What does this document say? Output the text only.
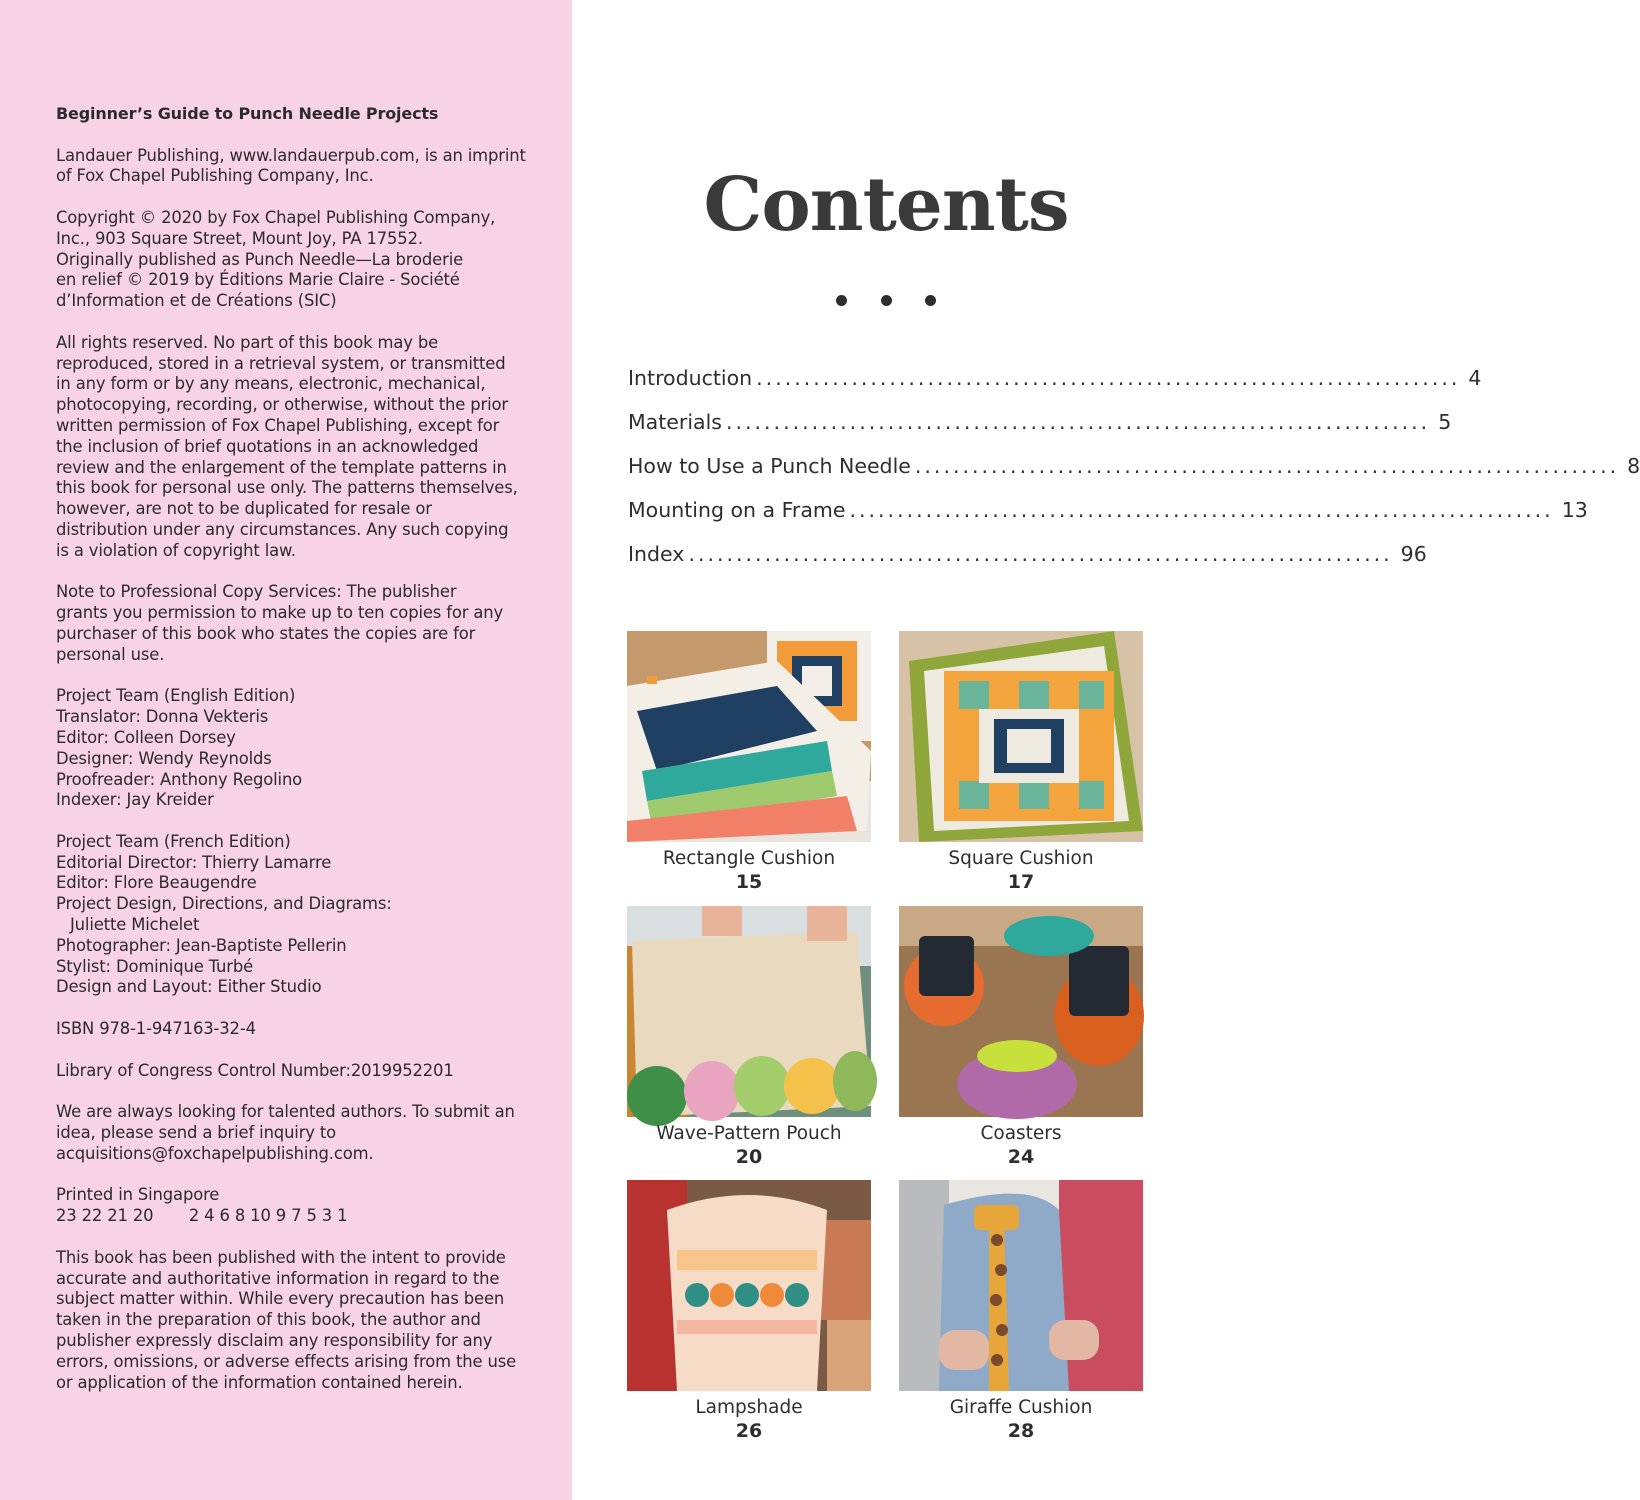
Beginner’s Guide to Punch Needle Projects

Landauer Publishing, www.landauerpub.com, is an imprint
of Fox Chapel Publishing Company, Inc.

Copyright © 2020 by Fox Chapel Publishing Company,
Inc., 903 Square Street, Mount Joy, PA 17552.
Originally published as Punch Needle—La broderie
en relief © 2019 by Éditions Marie Claire - Société
d’Information et de Créations (SIC)

All rights reserved. No part of this book may be
reproduced, stored in a retrieval system, or transmitted
in any form or by any means, electronic, mechanical,
photocopying, recording, or otherwise, without the prior
written permission of Fox Chapel Publishing, except for
the inclusion of brief quotations in an acknowledged
review and the enlargement of the template patterns in
this book for personal use only. The patterns themselves,
however, are not to be duplicated for resale or
distribution under any circumstances. Any such copying
is a violation of copyright law.

Note to Professional Copy Services: The publisher
grants you permission to make up to ten copies for any
purchaser of this book who states the copies are for
personal use.

Project Team (English Edition)
Translator: Donna Vekteris
Editor: Colleen Dorsey
Designer: Wendy Reynolds
Proofreader: Anthony Regolino
Indexer: Jay Kreider

Project Team (French Edition)
Editorial Director: Thierry Lamarre
Editor: Flore Beaugendre
Project Design, Directions, and Diagrams:
Juliette Michelet
Photographer: Jean-Baptiste Pellerin
Stylist: Dominique Turbé
Design and Layout: Either Studio

ISBN 978-1-947163-32-4

Library of Congress Control Number:2019952201

We are always looking for talented authors. To submit an
idea, please send a brief inquiry to
acquisitions@foxchapelpublishing.com.

Printed in Singapore
23 22 21 20       2 4 6 8 10 9 7 5 3 1

This book has been published with the intent to provide
accurate and authoritative information in regard to the
subject matter within. While every precaution has been
taken in the preparation of this book, the author and
publisher expressly disclaim any responsibility for any
errors, omissions, or adverse effects arising from the use
or application of the information contained herein.

Contents
Introduction .......................................................................... 4
Materials .......................................................................... 5
How to Use a Punch Needle .......................................................................... 8
Mounting on a Frame .......................................................................... 13
Index .......................................................................... 96
Rectangle Cushion
15
Square Cushion
17
Wave-Pattern Pouch
20
Coasters
24
Lampshade
26
Giraffe Cushion
28
